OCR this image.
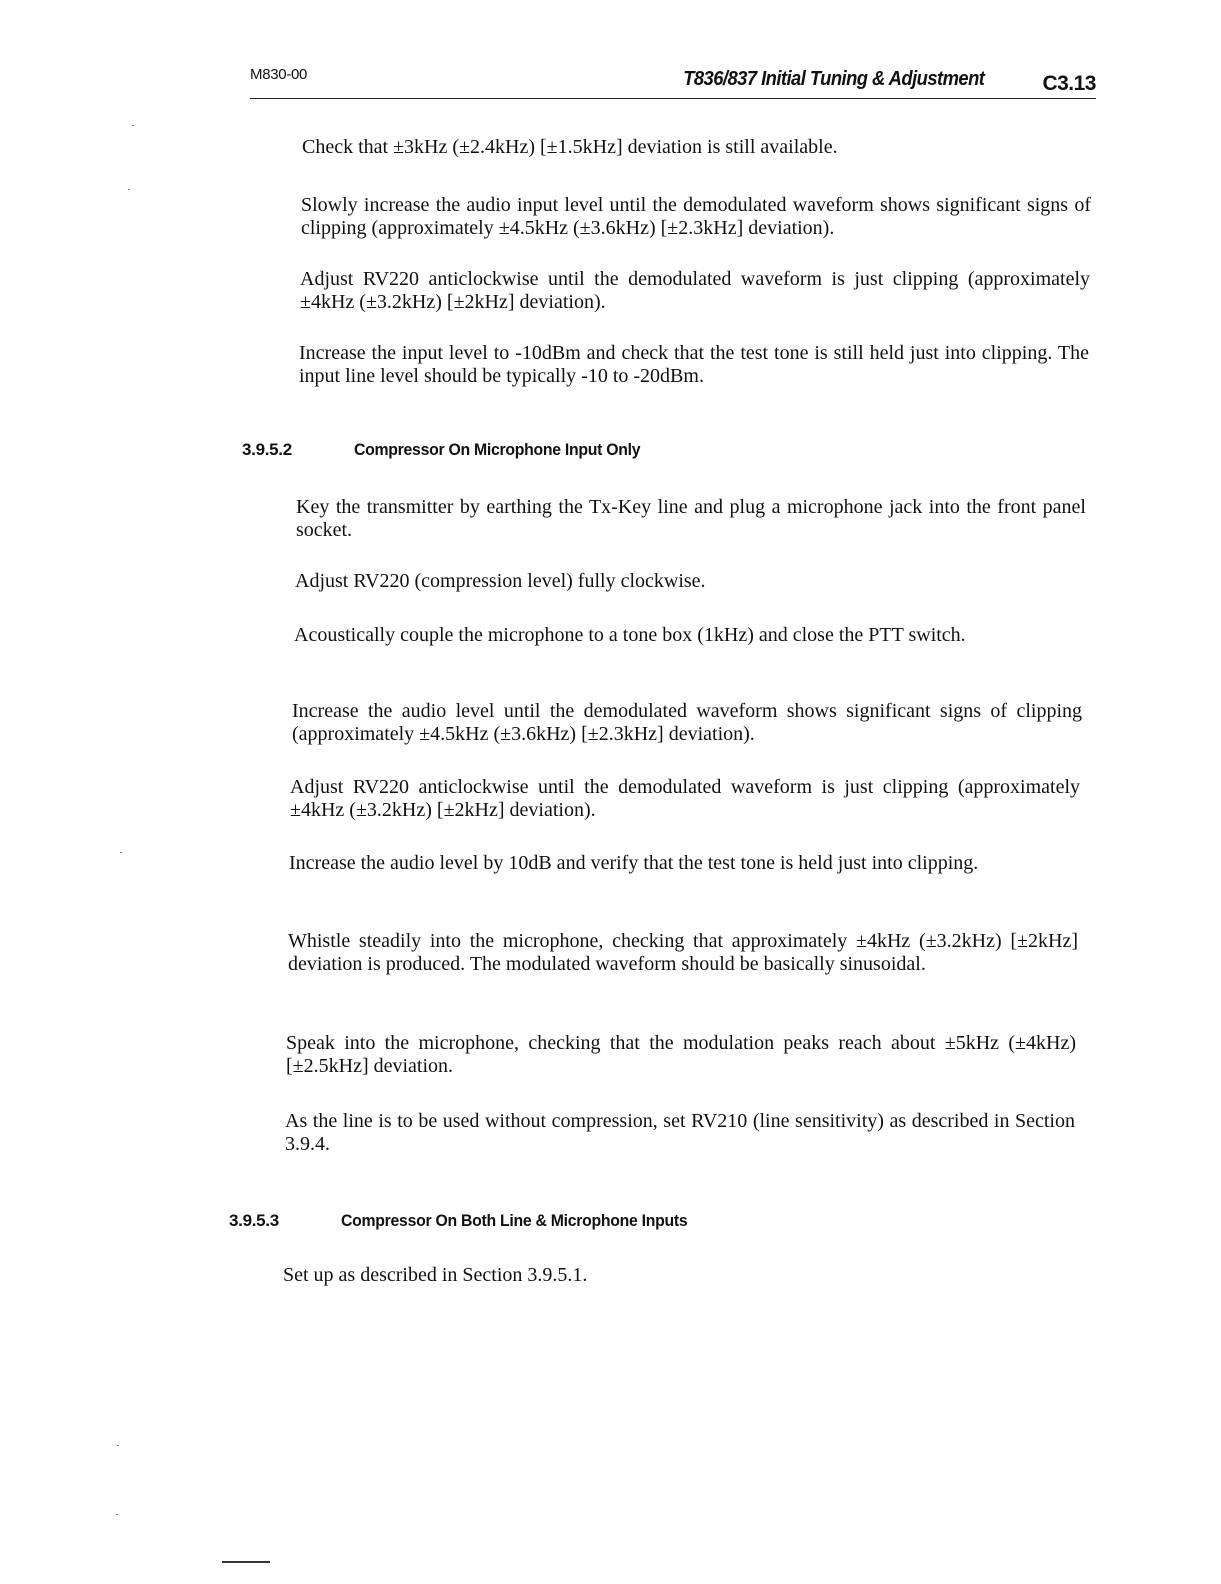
M830-00	T836/837 Initial Tuning & Adjustment	C3.13

Check that ±3kHz (±2.4kHz) [±1.5kHz] deviation is still available.

Slowly increase the audio input level until the demodulated waveform shows significant signs of clipping (approximately ±4.5kHz (±3.6kHz) [±2.3kHz] deviation).

Adjust RV220 anticlockwise until the demodulated waveform is just clipping (approximately ±4kHz (±3.2kHz) [±2kHz] deviation).

Increase the input level to -10dBm and check that the test tone is still held just into clipping. The input line level should be typically -10 to -20dBm.

3.9.5.2	Compressor On Microphone Input Only

Key the transmitter by earthing the Tx-Key line and plug a microphone jack into the front panel socket.

Adjust RV220 (compression level) fully clockwise.

Acoustically couple the microphone to a tone box (1kHz) and close the PTT switch.

Increase the audio level until the demodulated waveform shows significant signs of clipping (approximately ±4.5kHz (±3.6kHz) [±2.3kHz] deviation).

Adjust RV220 anticlockwise until the demodulated waveform is just clipping (approximately ±4kHz (±3.2kHz) [±2kHz] deviation).

Increase the audio level by 10dB and verify that the test tone is held just into clipping.

Whistle steadily into the microphone, checking that approximately ±4kHz (±3.2kHz) [±2kHz] deviation is produced. The modulated waveform should be basically sinusoidal.

Speak into the microphone, checking that the modulation peaks reach about ±5kHz (±4kHz) [±2.5kHz] deviation.

As the line is to be used without compression, set RV210 (line sensitivity) as described in Section 3.9.4.

3.9.5.3	Compressor On Both Line & Microphone Inputs

Set up as described in Section 3.9.5.1.
